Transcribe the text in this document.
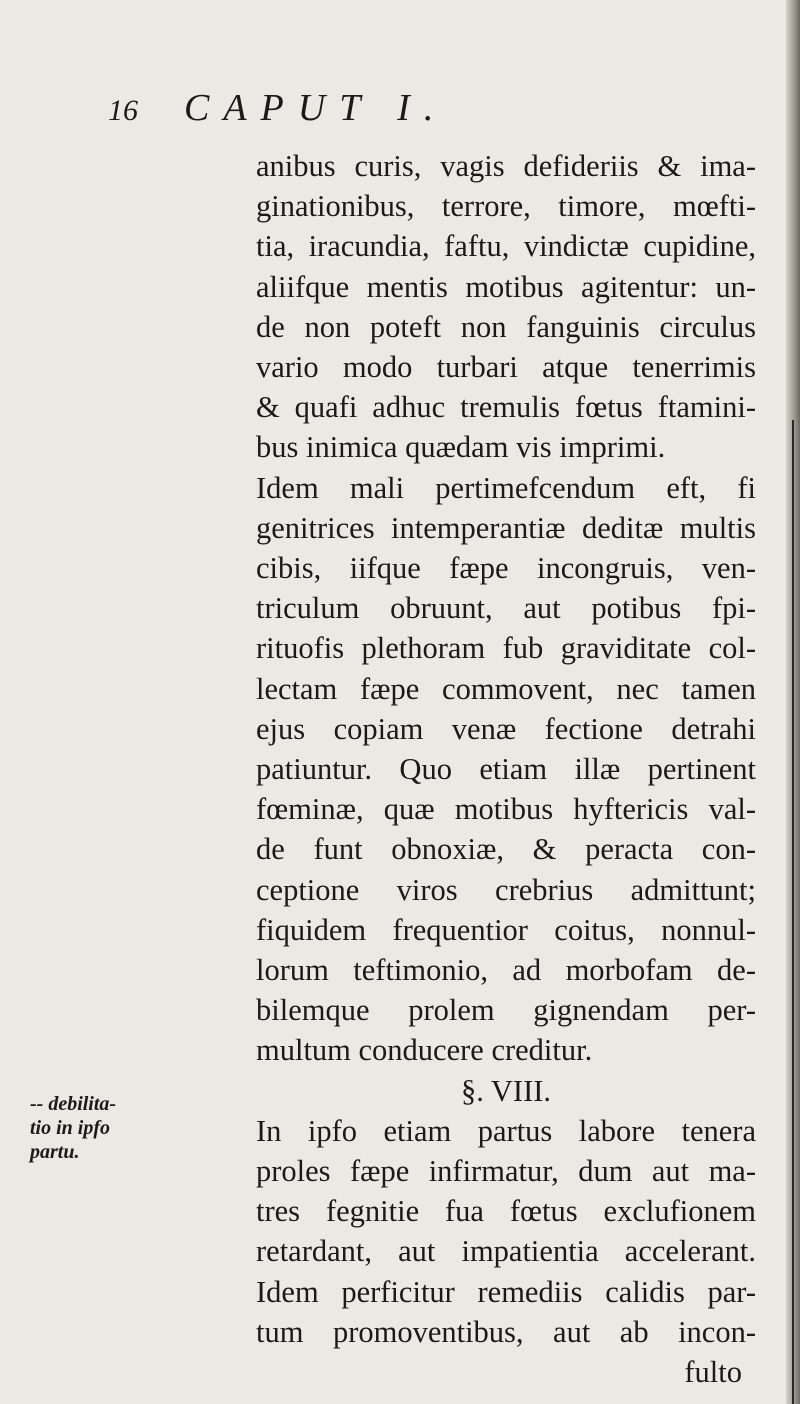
16 CAPUT I.
-- debilita-
tio in ipfo
partu.
anibus curis, vagis defideriis & ima-
ginationibus, terrore, timore, mœfti-
tia, iracundia, faftu, vindictæ cupidine,
aliifque mentis motibus agitentur: un-
de non poteft non fanguinis circulus
vario modo turbari atque tenerrimis
& quafi adhuc tremulis fœtus ftamini-
bus inimica quædam vis imprimi.
Idem mali pertimefcendum eft, fi
genitrices intemperantiæ deditæ multis
cibis, iifque fæpe incongruis, ven-
triculum obruunt, aut potibus fpi-
rituofis plethoram fub graviditate col-
lectam fæpe commovent, nec tamen
ejus copiam venæ fectione detrahi
patiuntur. Quo etiam illæ pertinent
fœminæ, quæ motibus hyftericis val-
de funt obnoxiæ, & peracta con-
ceptione viros crebrius admittunt;
fiquidem frequentior coitus, nonnul-
lorum teftimonio, ad morbofam de-
bilemque prolem gignendam per-
multum conducere creditur.
§. VIII.
In ipfo etiam partus labore tenera
proles fæpe infirmatur, dum aut ma-
tres fegnitie fua fœtus exclufionem
retardant, aut impatientia accelerant.
Idem perficitur remediis calidis par-
tum promoventibus, aut ab incon-
fulto
